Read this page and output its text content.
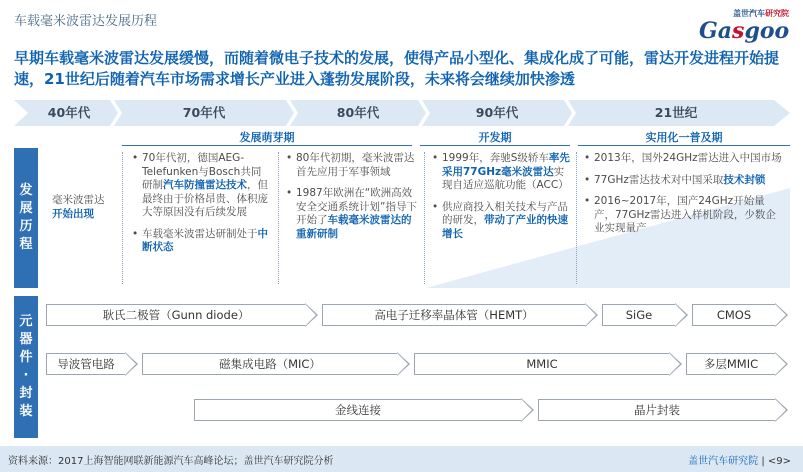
车载毫米波雷达发展历程
盖世汽车研究院
Gasgoo
早期车载毫米波雷达发展缓慢，而随着微电子技术的发展，使得产品小型化、集成化成了可能，雷达开发进程开始提速，21世纪后随着汽车市场需求增长产业进入蓬勃发展阶段，未来将会继续加快渗透
40年代	70年代	80年代	90年代	21世纪
发展萌芽期	开发期	实用化一普及期
发
展
历
程
元
器
件
·
封
装
毫米波雷达
开始出现
• 70年代初，德国AEG-Telefunken与Bosch共同研制汽车防撞雷达技术，但最终由于价格昂贵、体积庞大等原因没有后续发展
• 车载毫米波雷达研制处于中断状态
• 80年代初期，毫米波雷达首先应用于军事领域
• 1987年欧洲在“欧洲高效安全交通系统计划”指导下开始了车载毫米波雷达的重新研制
• 1999年，奔驰S级轿车率先采用77GHz毫米波雷达实现自适应巡航功能（ACC）
• 供应商投入相关技术与产品的研发，带动了产业的快速增长
• 2013年，国外24GHz雷达进入中国市场
• 77GHz雷达技术对中国采取技术封锁
• 2016~2017年，国产24GHz开始量产，77GHz雷达进入样机阶段，少数企业实现量产
耿氏二极管（Gunn diode）	高电子迁移率晶体管（HEMT）	SiGe	CMOS
导波管电路	磁集成电路（MIC）	MMIC	多层MMIC
金线连接	晶片封装
资料来源：2017上海智能网联新能源汽车高峰论坛；盖世汽车研究院分析	盖世汽车研究院 | <9>
